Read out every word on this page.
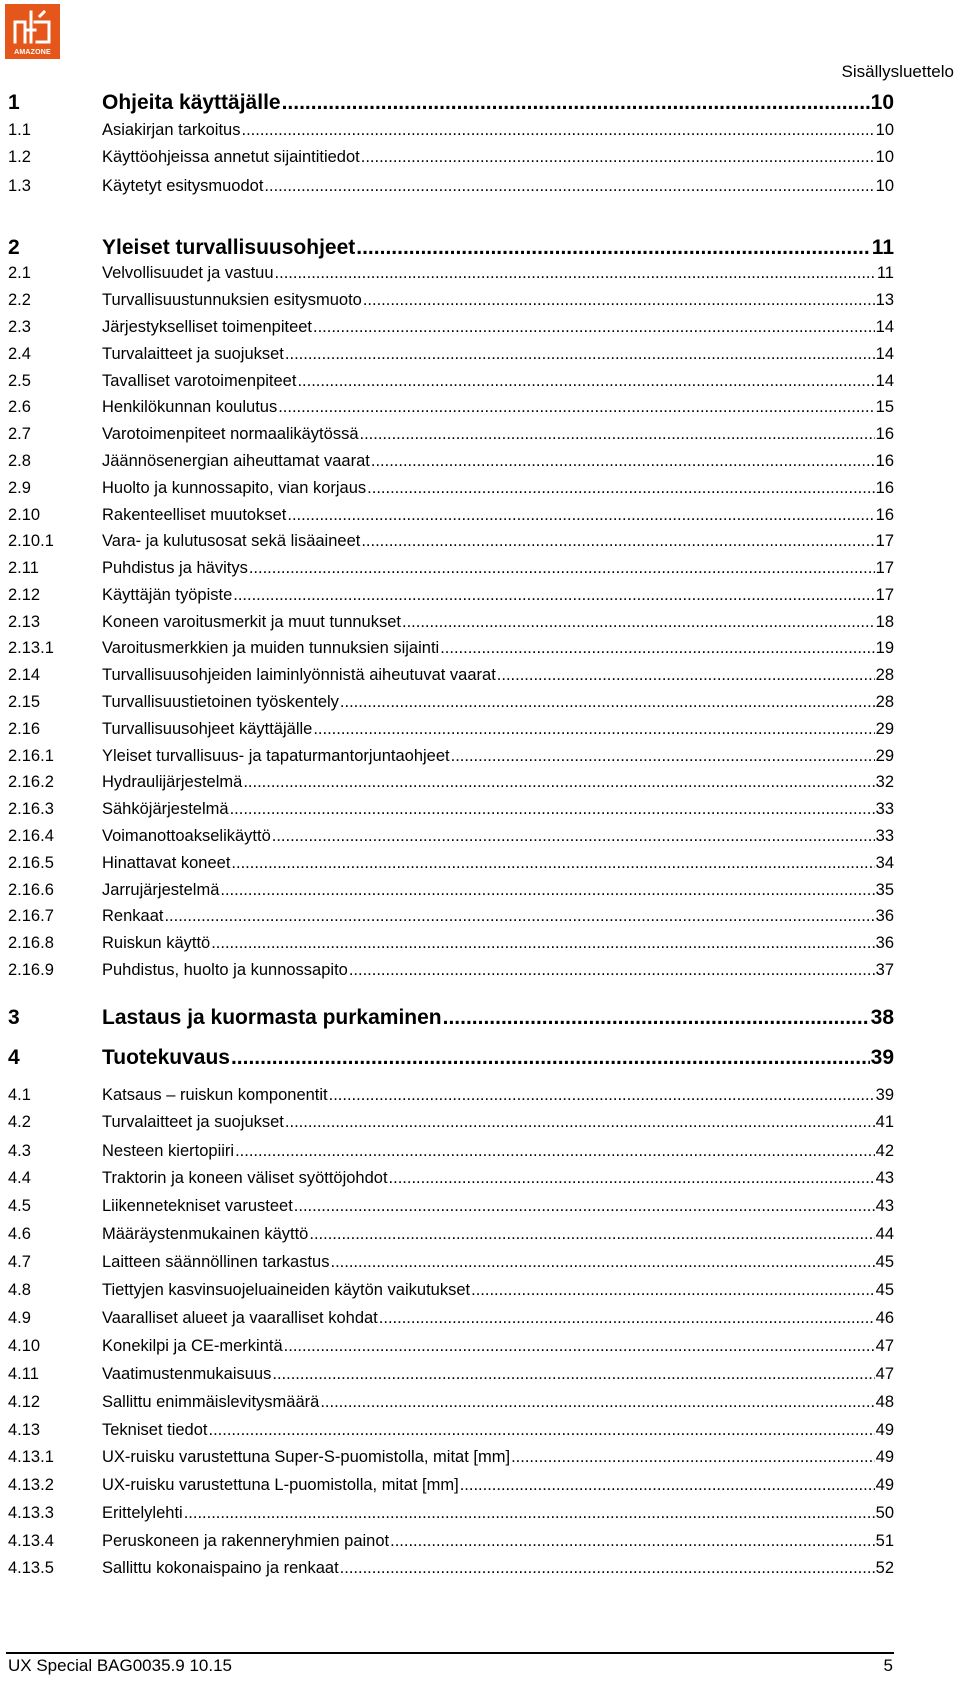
AMAZONE
Sisällysluettelo
1	Ohjeita käyttäjälle .....	10
1.1	Asiakirjan tarkoitus .....	10
1.2	Käyttöohjeissa annetut sijaintitiedot .....	10
1.3	Käytetyt esitysmuodot .....	10
2	Yleiset turvallisuusohjeet .....	11
2.1	Velvollisuudet ja vastuu .....	11
2.2	Turvallisuustunnuksien esitysmuoto .....	13
2.3	Järjestykselliset toimenpiteet .....	14
2.4	Turvalaitteet ja suojukset .....	14
2.5	Tavalliset varotoimenpiteet .....	14
2.6	Henkilökunnan koulutus .....	15
2.7	Varotoimenpiteet normaalikäytössä .....	16
2.8	Jäännösenergian aiheuttamat vaarat .....	16
2.9	Huolto ja kunnossapito, vian korjaus .....	16
2.10	Rakenteelliset muutokset .....	16
2.10.1	Vara- ja kulutusosat sekä lisäaineet .....	17
2.11	Puhdistus ja hävitys .....	17
2.12	Käyttäjän työpiste .....	17
2.13	Koneen varoitusmerkit ja muut tunnukset .....	18
2.13.1	Varoitusmerkkien ja muiden tunnuksien sijainti .....	19
2.14	Turvallisuusohjeiden laiminlyönnistä aiheutuvat vaarat .....	28
2.15	Turvallisuustietoinen työskentely .....	28
2.16	Turvallisuusohjeet käyttäjälle .....	29
2.16.1	Yleiset turvallisuus- ja tapaturmantorjuntaohjeet .....	29
2.16.2	Hydraulijärjestelmä .....	32
2.16.3	Sähköjärjestelmä .....	33
2.16.4	Voimanottoakselikäyttö .....	33
2.16.5	Hinattavat koneet .....	34
2.16.6	Jarrujärjestelmä .....	35
2.16.7	Renkaat .....	36
2.16.8	Ruiskun käyttö .....	36
2.16.9	Puhdistus, huolto ja kunnossapito .....	37
3	Lastaus ja kuormasta purkaminen .....	38
4	Tuotekuvaus .....	39
4.1	Katsaus – ruiskun komponentit .....	39
4.2	Turvalaitteet ja suojukset .....	41
4.3	Nesteen kiertopiiri .....	42
4.4	Traktorin ja koneen väliset syöttöjohdot .....	43
4.5	Liikennetekniset varusteet .....	43
4.6	Määräystenmukainen käyttö .....	44
4.7	Laitteen säännöllinen tarkastus .....	45
4.8	Tiettyjen kasvinsuojeluaineiden käytön vaikutukset .....	45
4.9	Vaaralliset alueet ja vaaralliset kohdat .....	46
4.10	Konekilpi ja CE-merkintä .....	47
4.11	Vaatimustenmukaisuus .....	47
4.12	Sallittu enimmäislevitysmäärä .....	48
4.13	Tekniset tiedot .....	49
4.13.1	UX-ruisku varustettuna Super-S-puomistolla, mitat [mm] .....	49
4.13.2	UX-ruisku varustettuna L-puomistolla, mitat [mm] .....	49
4.13.3	Erittelylehti .....	50
4.13.4	Peruskoneen ja rakenneryhmien painot .....	51
4.13.5	Sallittu kokonaispaino ja renkaat .....	52
UX Special BAG0035.9 10.15	5
